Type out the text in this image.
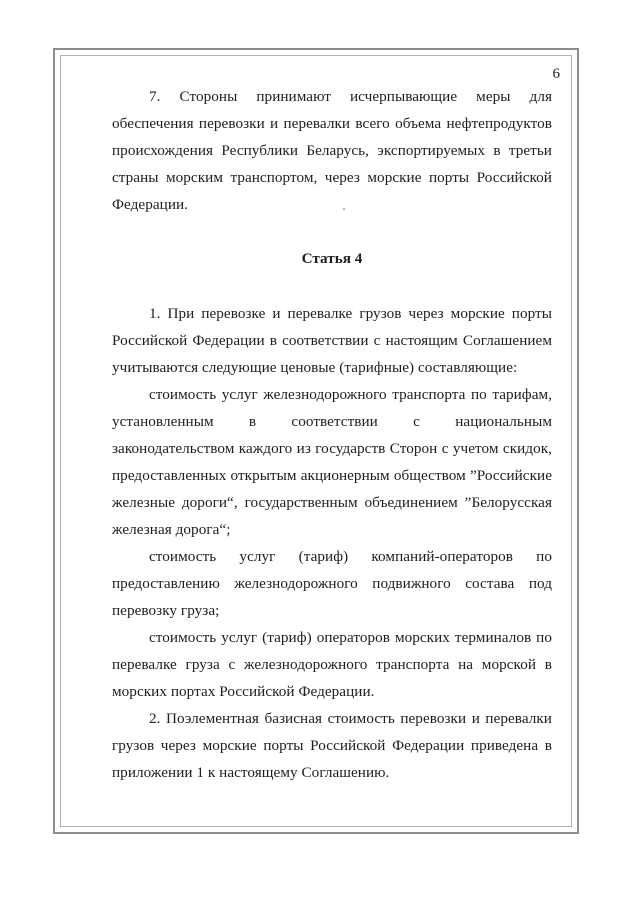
6

7. Стороны принимают исчерпывающие меры для обеспечения перевозки и перевалки всего объема нефтепродуктов происхождения Республики Беларусь, экспортируемых в третьи страны морским транспортом, через морские порты Российской Федерации.

Статья 4

1. При перевозке и перевалке грузов через морские порты Российской Федерации в соответствии с настоящим Соглашением учитываются следующие ценовые (тарифные) составляющие:

стоимость услуг железнодорожного транспорта по тарифам, установленным в соответствии с национальным законодательством каждого из государств Сторон с учетом скидок, предоставленных открытым акционерным обществом ”Российские железные дороги“, государственным объединением ”Белорусская железная дорога“;

стоимость услуг (тариф) компаний-операторов по предоставлению железнодорожного подвижного состава под перевозку груза;

стоимость услуг (тариф) операторов морских терминалов по перевалке груза с железнодорожного транспорта на морской в морских портах Российской Федерации.

2. Поэлементная базисная стоимость перевозки и перевалки грузов через морские порты Российской Федерации приведена в приложении 1 к настоящему Соглашению.
